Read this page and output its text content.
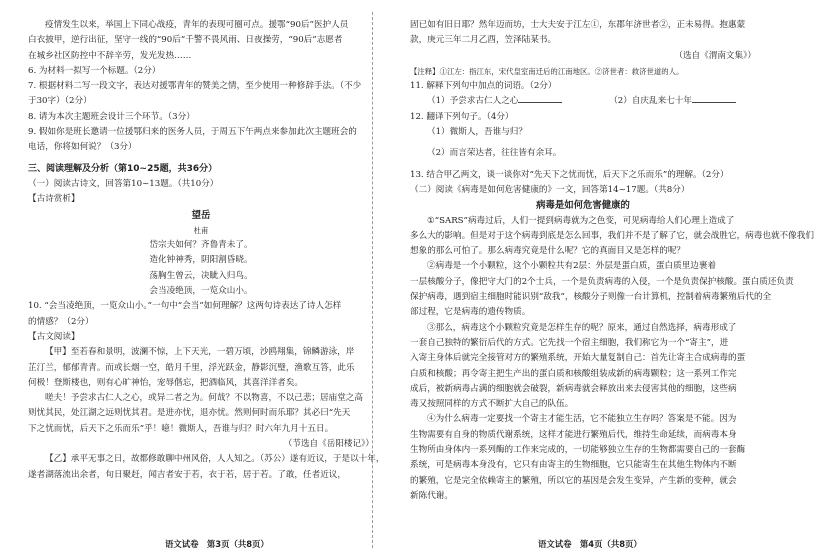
疫情发生以来，举国上下同心战疫，青年的表现可圈可点。援鄂“90后”医护人员

白衣披甲，逆行出征，坚守一线的“90后”千警不畏风雨、日夜操劳，“90后”志愿者

在城乡社区防控中不辞辛劳，发光发热……

6. 为材料一拟写一个标题。（2分）

7. 根据材料二写一段文字，表达对援鄂青年的赞美之情，至少使用一种修辞手法。（不少

于30字）（2分）

8. 请为本次主题班会设计三个环节。（3分）

9. 假如你是班长邀请一位援鄂归来的医务人员，于周五下午两点来参加此次主题班会的

电话，你将如何说？（3分）

三、阅读理解及分析（第10~25题，共36分）

（一）阅读古诗文，回答第10~13题。（共10分）

【古诗赏析】

望岳

杜甫

岱宗夫如何？齐鲁青未了。

造化钟神秀，阴阳割昏晓。

荡胸生曾云，决眦入归鸟。

会当凌绝顶，一览众山小。

10. “会当凌绝顶，一览众山小。”一句中“会当”如何理解？这两句诗表达了诗人怎样

的情感？（2分）

【古文阅读】

【甲】至若春和景明，波澜不惊，上下天光，一碧万顷，沙鸥翔集，锦鳞游泳，岸

芷汀兰，郁郁青青。而或长烟一空，皓月千里，浮光跃金，静影沉璧，渔歌互答，此乐

何极！登斯楼也，则有心旷神怡，宠辱偕忘，把酒临风，其喜洋洋者矣。

嗟夫！予尝求古仁人之心，或异二者之为。何哉？不以物喜，不以己悲；居庙堂之高

则忧其民，处江湖之远则忧其君。是进亦忧，退亦忧。然则何时而乐耶？其必曰“先天

下之忧而忧，后天下之乐而乐”乎！噫！微斯人，吾谁与归？时六年九月十五日。

（节选自《岳阳楼记》）

【乙】承平无事之日，故都修敢聊中州风俗，人人知之。（苏公）遂有近议，于是以十年，

遂者湖落流出余者，旬日聚赶，闻吉者安于若，衣于若，居于若。了敢，任者近议，

语文试卷　第3页（共8页）

固已如有旧日耶？然年迈而坊，士大夫安于江左①，东郡年济世者②，正未易得。抱惠蒙

款，庚元三年二月乙酉，笠泽陆某书。

（选自《渭南文集》）

【注释】①江左：指江东，宋代皇室南迁后的江南地区。②济世者：救济世道的人。

11. 解释下列句中加点的词语。（2分）

（1）予尝求古仁人之心	（2）自庆乱来七十年

12. 翻译下列句子。（4分）

（1）微斯人，吾谁与归？

（2）而言荣达者，往往皆有余耳。

13. 结合甲乙两文，谈一谈你对“先天下之忧而忧，后天下之乐而乐”的理解。（2分）

（二）阅读《病毒是如何危害健康的》一文，回答第14~17题。（共8分）

病毒是如何危害健康的

①“SARS”病毒过后，人们一提到病毒就为之色变，可见病毒给人们心理上造成了

多么大的影响。但是对于这个病毒到底是怎么回事，我们并不是了解了它，就会战胜它，病毒也就不像我们

想象的那么可怕了。那么病毒究竟是什么呢？它的真面目又是怎样的呢？

②病毒是一个小颗粒，这个小颗粒共有2层：外层是蛋白质，蛋白质里边裹着

一层核酸分子，像把守大门的2个士兵，一个是负责病毒的入侵，一个是负责保护核酸。蛋白质还负责

保护病毒，遇到宿主细胞时能识别“敌我”，核酸分子则像一台计算机，控制着病毒繁殖后代的全

部过程，它是病毒的遗传物质。

③那么，病毒这个小颗粒究竟是怎样生存的呢？原来，通过自然选择，病毒形成了

一套自己独特的繁衍后代的方式。它先找一个宿主细胞，我们称它为一个“寄主”，进

入寄主身体后就完全接管对方的繁殖系统，开始大量复制自己：首先让寄主合成病毒的蛋

白质和核酸；再令寄主把生产出的蛋白质和核酸组装成新的病毒颗粒；这一系列工作完

成后，被新病毒占满的细胞就会破裂，新病毒就会释放出来去侵害其他的细胞，这些病

毒又按照同样的方式不断扩大自己的队伍。

④为什么病毒一定要找一个寄主才能生活，它不能独立生存吗？答案是不能。因为

生物需要有自身的物质代谢系统，这样才能进行繁殖后代，维持生命延续，而病毒本身

生物所由身体内一系列酶的工作来完成的，一切能够独立生存的生物都需要自己的一套酶

系统，可是病毒本身没有，它只有由寄主的生物细胞，它只能寄生在其他生物体内不断

的繁殖，它是完全依赖寄主的繁殖，所以它的基因是会发生变异，产生新的变种，就会

新陈代谢。

语文试卷　第4页（共8页）
